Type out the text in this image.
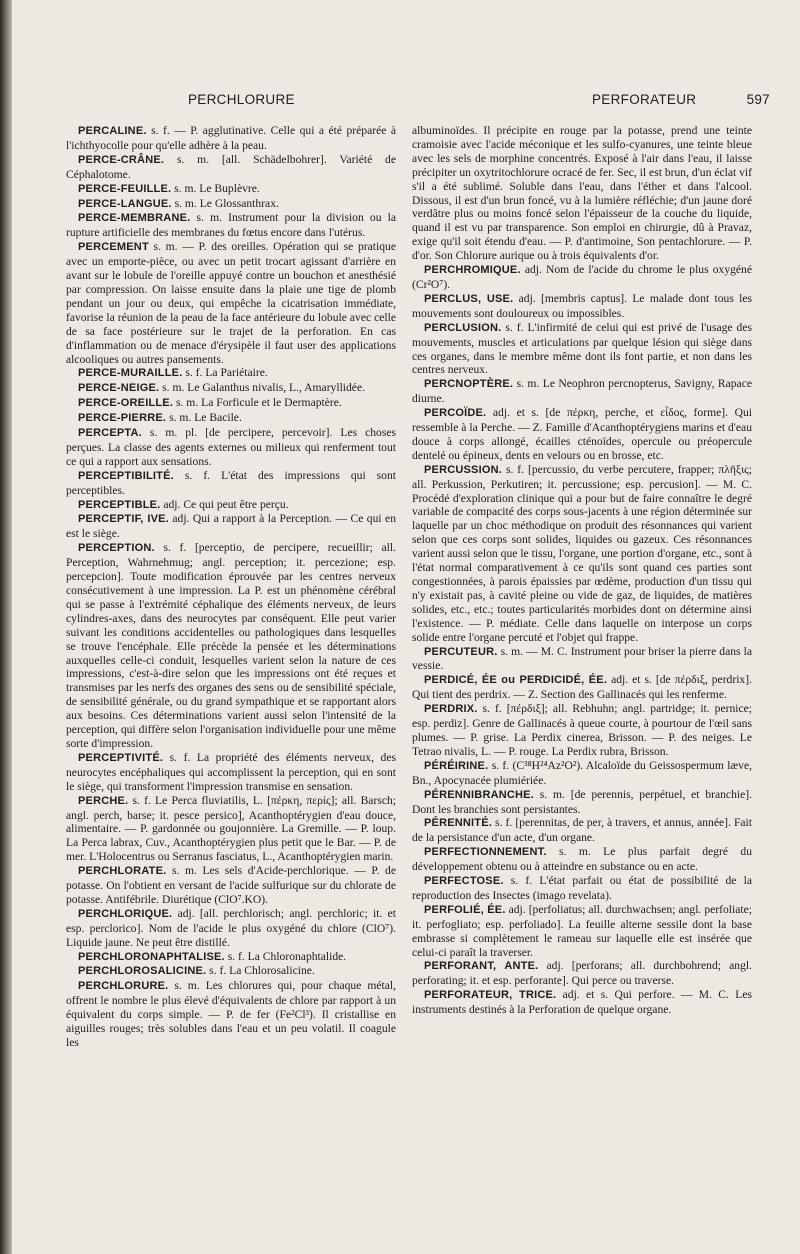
PERCHLORURE	PERFORATEUR	597

PERCALINE. s. f. — P. agglutinative. Celle qui a été préparée à l'ichthyocolle pour qu'elle adhère à la peau.

PERCE-CRÂNE. s. m. [all. Schädelbohrer]. Variété de Céphalotome.

PERCE-FEUILLE. s. m. Le Buplèvre.

PERCE-LANGUE. s. m. Le Glossanthrax.

PERCE-MEMBRANE. s. m. Instrument pour la division ou la rupture artificielle des membranes du fœtus encore dans l'utérus.

PERCEMENT s. m. — P. des oreilles. Opération qui se pratique avec un emporte-pièce, ou avec un petit trocart agissant d'arrière en avant sur le lobule de l'oreille appuyé contre un bouchon et anesthésié par compression. On laisse ensuite dans la plaie une tige de plomb pendant un jour ou deux, qui empêche la cicatrisation immédiate, favorise la réunion de la peau de la face antérieure du lobule avec celle de sa face postérieure sur le trajet de la perforation. En cas d'inflammation ou de menace d'érysipèle il faut user des applications alcooliques ou autres pansements.

PERCE-MURAILLE. s. f. La Pariétaire.

PERCE-NEIGE. s. m. Le Galanthus nivalis, L., Amaryllidée.

PERCE-OREILLE. s. m. La Forficule et le Dermaptère.

PERCE-PIERRE. s. m. Le Bacile.

PERCEPTA. s. m. pl. [de percipere, percevoir]. Les choses perçues. La classe des agents externes ou milieux qui renferment tout ce qui a rapport aux sensations.

PERCEPTIBILITÉ. s. f. L'état des impressions qui sont perceptibles.

PERCEPTIBLE. adj. Ce qui peut être perçu.

PERCEPTIF, IVE. adj. Qui a rapport à la Perception. — Ce qui en est le siège.

PERCEPTION. s. f. [perceptio, de percipere, recueillir; all. Perception, Wahrnehmug; angl. perception; it. percezione; esp. percepcion]. Toute modification éprouvée par les centres nerveux consécutivement à une impression. La P. est un phénomène cérébral qui se passe à l'extrémité céphalique des éléments nerveux, de leurs cylindres-axes, dans des neurocytes par conséquent. Elle peut varier suivant les conditions accidentelles ou pathologiques dans lesquelles se trouve l'encéphale. Elle précède la pensée et les déterminations auxquelles celle-ci conduit, lesquelles varient selon la nature de ces impressions, c'est-à-dire selon que les impressions ont été reçues et transmises par les nerfs des organes des sens ou de sensibilité spéciale, de sensibilité générale, ou du grand sympathique et se rapportant alors aux besoins. Ces déterminations varient aussi selon l'intensité de la perception, qui diffère selon l'organisation individuelle pour une même sorte d'impression.

PERCEPTIVITÉ. s. f. La propriété des éléments nerveux, des neurocytes encéphaliques qui accomplissent la perception, qui en sont le siège, qui transforment l'impression transmise en sensation.

PERCHE. s. f. Le Perca fluviatilis, L. [πέρκη, περίς]; all. Barsch; angl. perch, barse; it. pesce persico], Acanthoptérygien d'eau douce, alimentaire. — P. gardonnée ou goujonnière. La Gremille. — P. loup. La Perca labrax, Cuv., Acanthoptérygien plus petit que le Bar. — P. de mer. L'Holocentrus ou Serranus fasciatus, L., Acanthoptérygien marin.

PERCHLORATE. s. m. Les sels d'Acide-perchlorique. — P. de potasse. On l'obtient en versant de l'acide sulfurique sur du chlorate de potasse. Antifébrile. Diurétique (ClO⁷.KO).

PERCHLORIQUE. adj. [all. perchlorisch; angl. perchloric; it. et esp. perclorico]. Nom de l'acide le plus oxygéné du chlore (ClO⁷). Liquide jaune. Ne peut être distillé.

PERCHLORONAPHTALISE. s. f. La Chloronaphtalide.

PERCHLOROSALICINE. s. f. La Chlorosalicine.

PERCHLORURE. s. m. Les chlorures qui, pour chaque métal, offrent le nombre le plus élevé d'équivalents de chlore par rapport à un équivalent du corps simple. — P. de fer (Fe²Cl³). Il cristallise en aiguilles rouges; très solubles dans l'eau et un peu volatil. Il coagule les

albuminoïdes. Il précipite en rouge par la potasse, prend une teinte cramoisie avec l'acide méconique et les sulfo-cyanures, une teinte bleue avec les sels de morphine concentrés. Exposé à l'air dans l'eau, il laisse précipiter un oxytritochlorure ocracé de fer. Sec, il est brun, d'un éclat vif s'il a été sublimé. Soluble dans l'eau, dans l'éther et dans l'alcool. Dissous, il est d'un brun foncé, vu à la lumière réfléchie; d'un jaune doré verdâtre plus ou moins foncé selon l'épaisseur de la couche du liquide, quand il est vu par transparence. Son emploi en chirurgie, dû à Pravaz, exige qu'il soit étendu d'eau. — P. d'antimoine, Son pentachlorure. — P. d'or. Son Chlorure aurique ou à trois équivalents d'or.

PERCHROMIQUE. adj. Nom de l'acide du chrome le plus oxygéné (Cr²O⁷).

PERCLUS, USE. adj. [membris captus]. Le malade dont tous les mouvements sont douloureux ou impossibles.

PERCLUSION. s. f. L'infirmité de celui qui est privé de l'usage des mouvements, muscles et articulations par quelque lésion qui siège dans ces organes, dans le membre même dont ils font partie, et non dans les centres nerveux.

PERCNOPTÈRE. s. m. Le Neophron percnopterus, Savigny, Rapace diurne.

PERCOÏDE. adj. et s. [de πέρκη, perche, et εἶδος, forme]. Qui ressemble à la Perche. — Z. Famille d'Acanthoptérygiens marins et d'eau douce à corps allongé, écailles cténoïdes, opercule ou préopercule dentelé ou épineux, dents en velours ou en brosse, etc.

PERCUSSION. s. f. [percussio, du verbe percutere, frapper; πλῆξις; all. Perkussion, Perkutiren; it. percussione; esp. percusion]. — M. C. Procédé d'exploration clinique qui a pour but de faire connaître le degré variable de compacité des corps sous-jacents à une région déterminée sur laquelle par un choc méthodique on produit des résonnances qui varient selon que ces corps sont solides, liquides ou gazeux. Ces résonnances varient aussi selon que le tissu, l'organe, une portion d'organe, etc., sont à l'état normal comparativement à ce qu'ils sont quand ces parties sont congestionnées, à parois épaissies par œdème, production d'un tissu qui n'y existait pas, à cavité pleine ou vide de gaz, de liquides, de matières solides, etc., etc.; toutes particularités morbides dont on détermine ainsi l'existence. — P. médiate. Celle dans laquelle on interpose un corps solide entre l'organe percuté et l'objet qui frappe.

PERCUTEUR. s. m. — M. C. Instrument pour briser la pierre dans la vessie.

PERDICÉ, ÉE ou PERDICIDÉ, ÉE. adj. et s. [de πέρδιξ, perdrix]. Qui tient des perdrix. — Z. Section des Gallinacés qui les renferme.

PERDRIX. s. f. [πέρδιξ]; all. Rebhuhn; angl. partridge; it. pernice; esp. perdiz]. Genre de Gallinacés à queue courte, à pourtour de l'œil sans plumes. — P. grise. La Perdix cinerea, Brisson. — P. des neiges. Le Tetrao nivalis, L. — P. rouge. La Perdix rubra, Brisson.

PÉRÉIRINE. s. f. (C³⁸H²⁴Az²O²). Alcaloïde du Geissospermum læve, Bn., Apocynacée plumiériée.

PÉRENNIBRANCHE. s. m. [de perennis, perpétuel, et branchie]. Dont les branchies sont persistantes.

PÉRENNITÉ. s. f. [perennitas, de per, à travers, et annus, année]. Fait de la persistance d'un acte, d'un organe.

PERFECTIONNEMENT. s. m. Le plus parfait degré du développement obtenu ou à atteindre en substance ou en acte.

PERFECTOSE. s. f. L'état parfait ou état de possibilité de la reproduction des Insectes (imago revelata).

PERFOLIÉ, ÉE. adj. [perfoliatus; all. durchwachsen; angl. perfoliate; it. perfogliato; esp. perfoliado]. La feuille alterne sessile dont la base embrasse si complètement le rameau sur laquelle elle est insérée que celui-ci paraît la traverser.

PERFORANT, ANTE. adj. [perforans; all. durchbohrend; angl. perforating; it. et esp. perforante]. Qui perce ou traverse.

PERFORATEUR, TRICE. adj. et s. Qui perfore. — M. C. Les instruments destinés à la Perforation de quelque organe.
